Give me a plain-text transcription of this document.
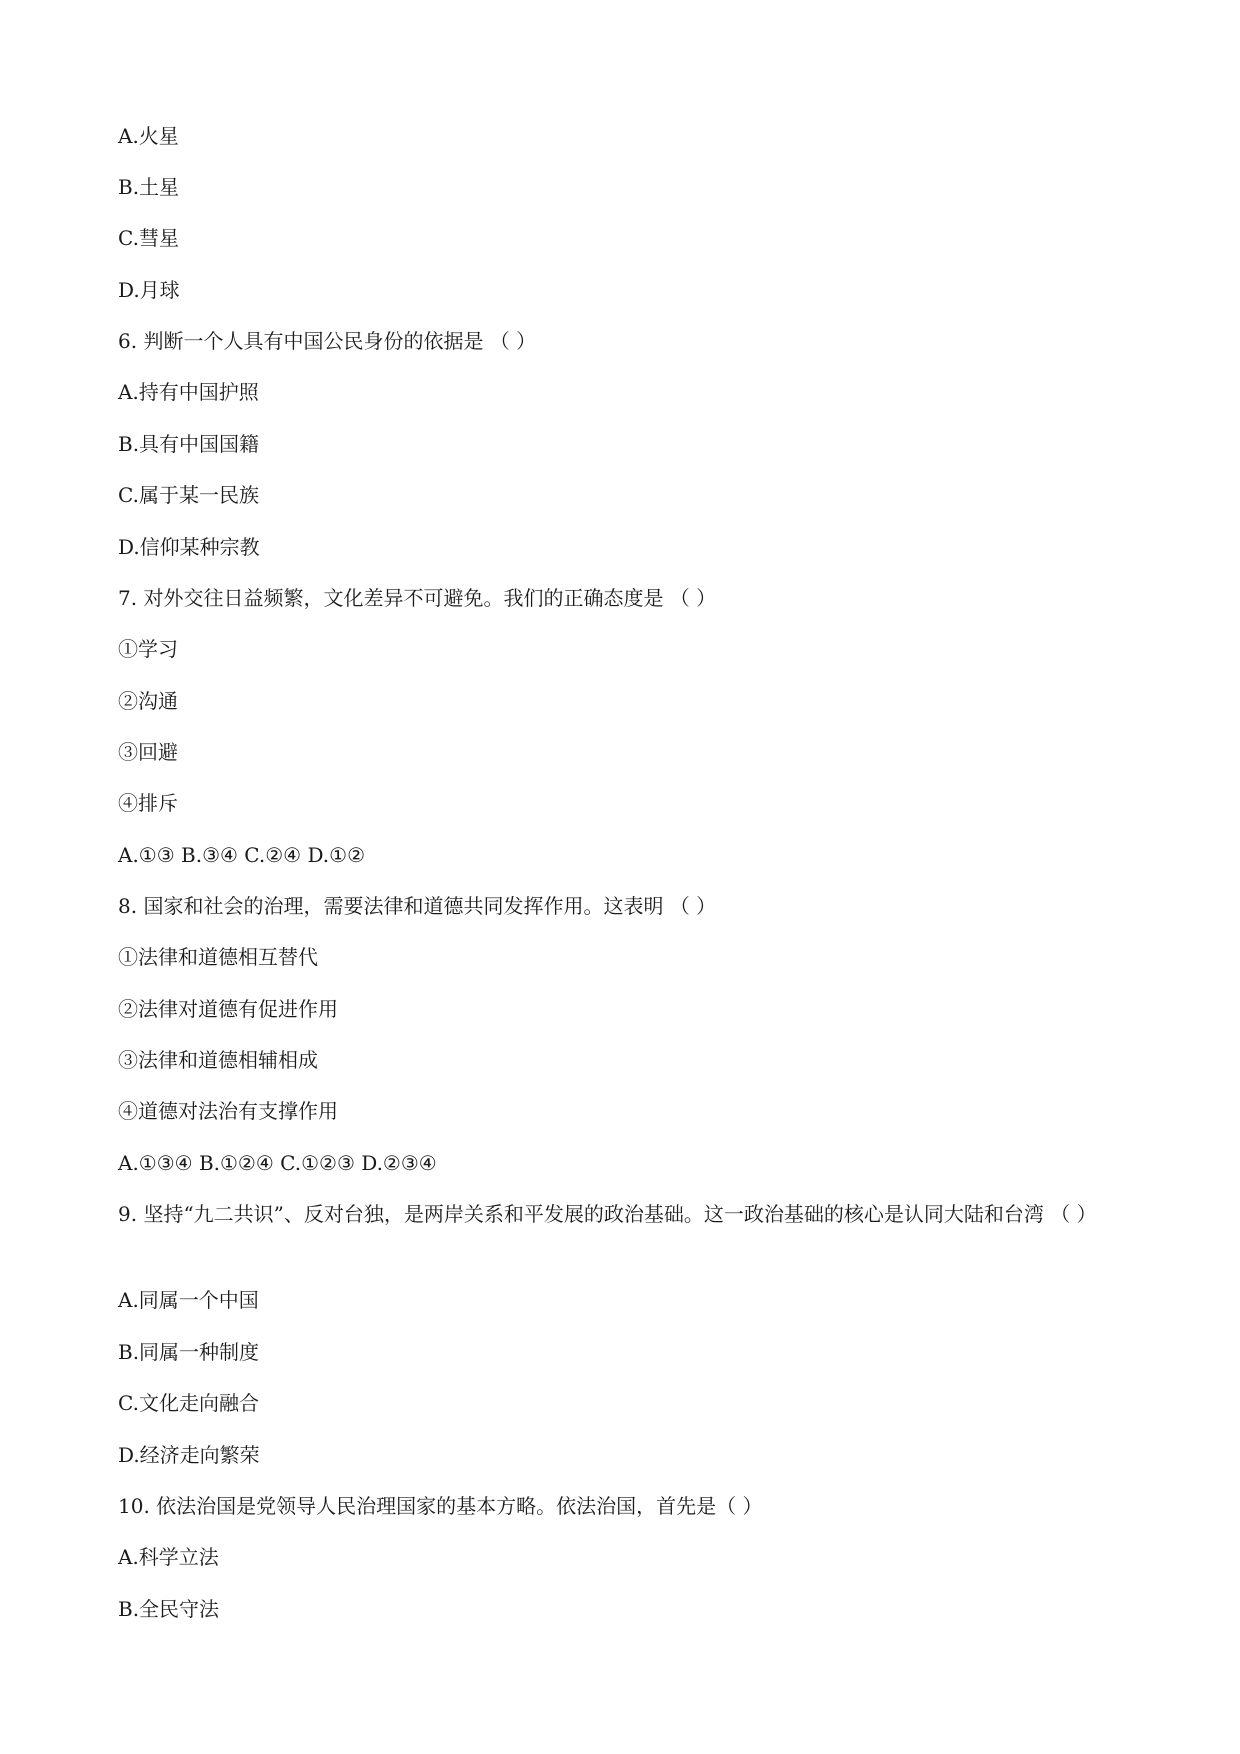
A.火星
B.土星
C.彗星
D.月球
6. 判断一个人具有中国公民身份的依据是 （ ）
A.持有中国护照
B.具有中国国籍
C.属于某一民族
D.信仰某种宗教
7. 对外交往日益频繁，文化差异不可避免。我们的正确态度是 （ ）
①学习
②沟通
③回避
④排斥
A.①③ B.③④ C.②④ D.①②
8. 国家和社会的治理，需要法律和道德共同发挥作用。这表明 （ ）
①法律和道德相互替代
②法律对道德有促进作用
③法律和道德相辅相成
④道德对法治有支撑作用
A.①③④ B.①②④ C.①②③ D.②③④
9. 坚持“九二共识”、反对台独，是两岸关系和平发展的政治基础。这一政治基础的核心是认同大陆和台湾 （ ）
A.同属一个中国
B.同属一种制度
C.文化走向融合
D.经济走向繁荣
10. 依法治国是党领导人民治理国家的基本方略。依法治国，首先是（ ）
A.科学立法
B.全民守法
